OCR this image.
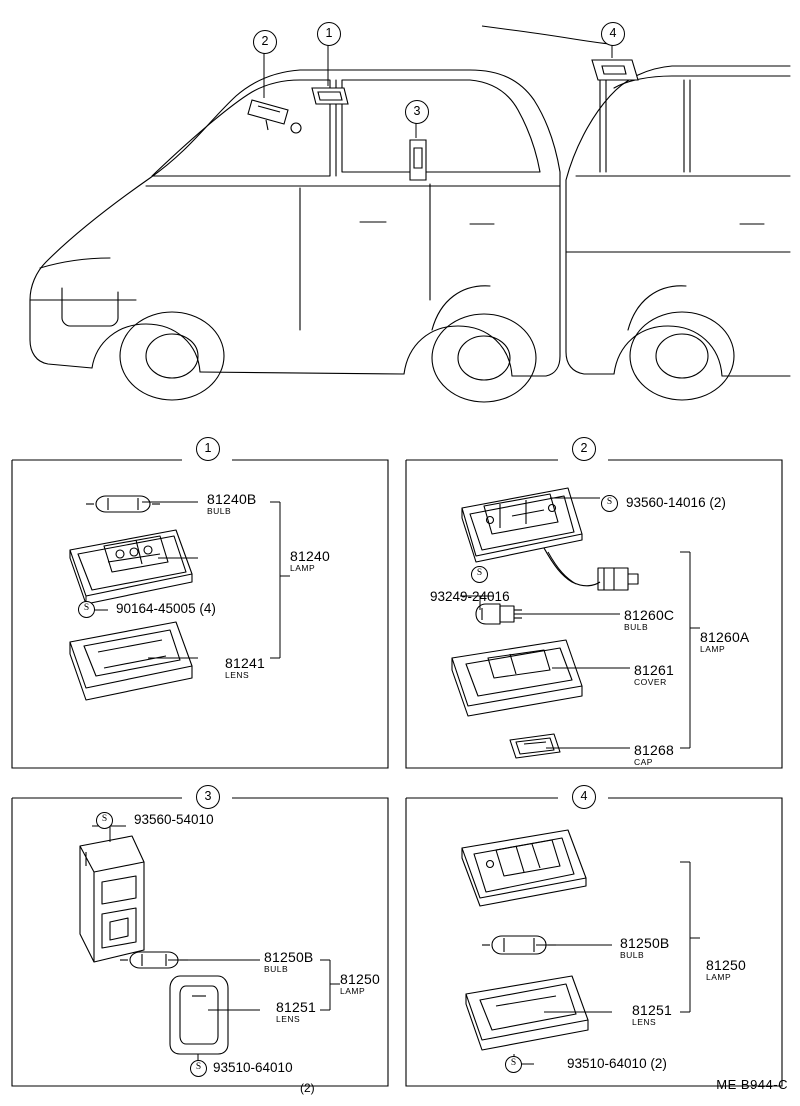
1
2
3
4
1	2
3	4
81240B
BULB
81240
LAMP
81241
LENS
S	90164-45005 (4)
S	93560-14016 (2)
S
93249-24016
81260C
BULB
81260A
LAMP
81261
COVER
81268
CAP
S	93560-54010
81250B
BULB
81250
LAMP
81251
LENS
S 93510-64010
(2)
81250B
BULB
81250
LAMP
81251
LENS
S	93510-64010 (2)
ME B944-C
